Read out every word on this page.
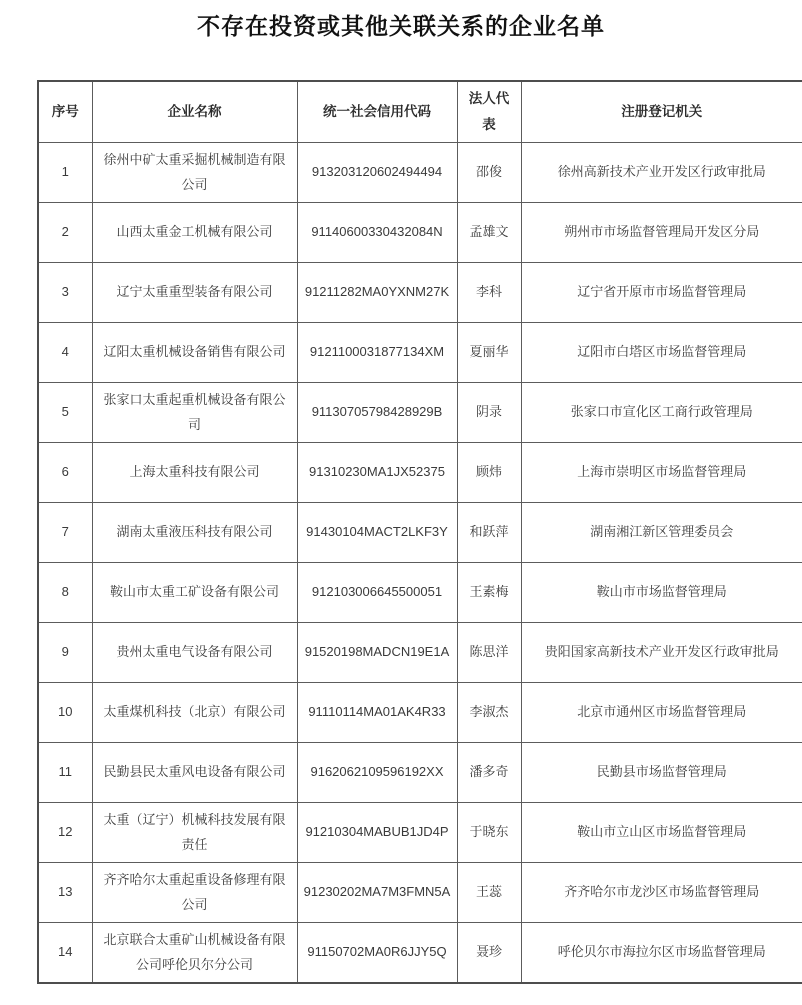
不存在投资或其他关联关系的企业名单
序号	企业名称	统一社会信用代码	法人代表	注册登记机关
1	徐州中矿太重采掘机械制造有限公司	913203120602494494	邵俊	徐州高新技术产业开发区行政审批局
2	山西太重金工机械有限公司	91140600330432084N	孟雄文	朔州市市场监督管理局开发区分局
3	辽宁太重重型装备有限公司	91211282MA0YXNM27K	李科	辽宁省开原市市场监督管理局
4	辽阳太重机械设备销售有限公司	9121100031877134XM	夏丽华	辽阳市白塔区市场监督管理局
5	张家口太重起重机械设备有限公司	91130705798428929B	阴录	张家口市宣化区工商行政管理局
6	上海太重科技有限公司	91310230MA1JX52375	顾炜	上海市崇明区市场监督管理局
7	湖南太重液压科技有限公司	91430104MACT2LKF3Y	和跃萍	湖南湘江新区管理委员会
8	鞍山市太重工矿设备有限公司	912103006645500051	王素梅	鞍山市市场监督管理局
9	贵州太重电气设备有限公司	91520198MADCN19E1A	陈思洋	贵阳国家高新技术产业开发区行政审批局
10	太重煤机科技（北京）有限公司	91110114MA01AK4R33	李淑杰	北京市通州区市场监督管理局
11	民勤县民太重风电设备有限公司	9162062109596192XX	潘多奇	民勤县市场监督管理局
12	太重（辽宁）机械科技发展有限责任	91210304MABUB1JD4P	于晓东	鞍山市立山区市场监督管理局
13	齐齐哈尔太重起重设备修理有限公司	91230202MA7M3FMN5A	王蕊	齐齐哈尔市龙沙区市场监督管理局
14	北京联合太重矿山机械设备有限公司呼伦贝尔分公司	91150702MA0R6JJY5Q	聂珍	呼伦贝尔市海拉尔区市场监督管理局
